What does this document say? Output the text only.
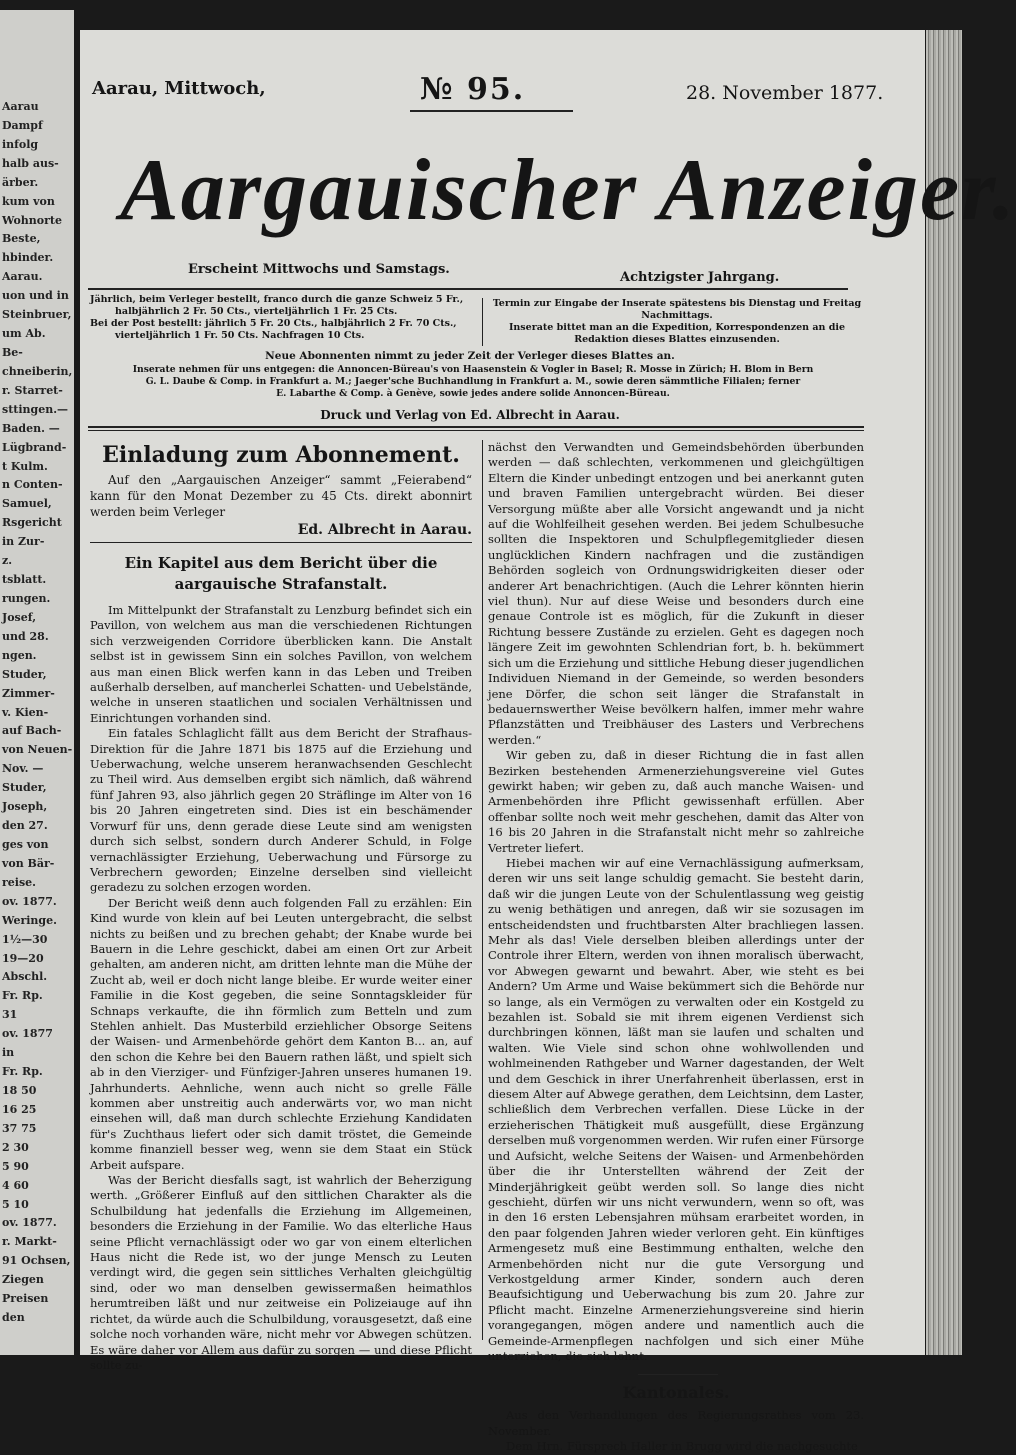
Aarau
Dampf
infolg
halb aus-
ärber.
kum von
Wohnorte
Beste,
hbinder.
Aarau.
uon und in
Steinbruer,
um Ab.
Be-
chneiberin,
r. Starret-
sttingen.—
Baden. —
Lügbrand-
t Kulm.
n Conten-
Samuel,
Rsgericht
in Zur-
z.
tsblatt.
rungen.
Josef,
und 28.
ngen.
Studer,
Zimmer-
v. Kien-
auf Bach-
von Neuen-
Nov. —
Studer,
Joseph,
den 27.
ges von
von Bär-
reise.
ov. 1877.
Weringe.
1½—30
19—20
Abschl.
Fr. Rp.
31
ov. 1877
in
Fr. Rp.
18 50
16 25
37 75
2 30
5 90
4 60
5 10
ov. 1877.
r. Markt-
91 Ochsen,
Ziegen
Preisen
den
Aarau, Mittwoch,	№ 95.	28. November 1877.
Aargauischer Anzeiger.
Erscheint Mittwochs und Samstags.
Achtzigster Jahrgang.
Jährlich, beim Verleger bestellt, franco durch die ganze Schweiz 5 Fr.,
halbjährlich 2 Fr. 50 Cts., vierteljährlich 1 Fr. 25 Cts.
Bei der Post bestellt: jährlich 5 Fr. 20 Cts., halbjährlich 2 Fr. 70 Cts.,
vierteljährlich 1 Fr. 50 Cts. Nachfragen 10 Cts.
Termin zur Eingabe der Inserate spätestens bis Dienstag und Freitag
Nachmittags.
Inserate bittet man an die Expedition, Korrespondenzen an die
Redaktion dieses Blattes einzusenden.
Neue Abonnenten nimmt zu jeder Zeit der Verleger dieses Blattes an.
Inserate nehmen für uns entgegen: die Annoncen-Büreau's von Haasenstein & Vogler in Basel; R. Mosse in Zürich; H. Blom in Bern
G. L. Daube & Comp. in Frankfurt a. M.; Jaeger'sche Buchhandlung in Frankfurt a. M., sowie deren sämmtliche Filialen; ferner
E. Labarthe & Comp. à Genève, sowie jedes andere solide Annoncen-Büreau.
Druck und Verlag von Ed. Albrecht in Aarau.
Einladung zum Abonnement.

Auf den „Aargauischen Anzeiger“ sammt „Feierabend“ kann für den Monat Dezember zu 45 Cts. direkt abonnirt werden beim Verleger

Ed. Albrecht in Aarau.
Ein Kapitel aus dem Bericht über die aargauische Strafanstalt.

Im Mittelpunkt der Strafanstalt zu Lenzburg befindet sich ein Pavillon, von welchem aus man die verschiedenen Richtungen sich verzweigenden Corridore überblicken kann. Die Anstalt selbst ist in gewissem Sinn ein solches Pavillon, von welchem aus man einen Blick werfen kann in das Leben und Treiben außerhalb derselben, auf mancherlei Schatten- und Uebelstände, welche in unseren staatlichen und socialen Verhältnissen und Einrichtungen vorhanden sind.

Ein fatales Schlaglicht fällt aus dem Bericht der Strafhaus-Direktion für die Jahre 1871 bis 1875 auf die Erziehung und Ueberwachung, welche unserem heranwachsenden Geschlecht zu Theil wird. Aus demselben ergibt sich nämlich, daß während fünf Jahren 93, also jährlich gegen 20 Sträflinge im Alter von 16 bis 20 Jahren eingetreten sind. Dies ist ein beschämender Vorwurf für uns, denn gerade diese Leute sind am wenigsten durch sich selbst, sondern durch Anderer Schuld, in Folge vernachlässigter Erziehung, Ueberwachung und Fürsorge zu Verbrechern geworden; Einzelne derselben sind vielleicht geradezu zu solchen erzogen worden.

Der Bericht weiß denn auch folgenden Fall zu erzählen: Ein Kind wurde von klein auf bei Leuten untergebracht, die selbst nichts zu beißen und zu brechen gehabt; der Knabe wurde bei Bauern in die Lehre geschickt, dabei am einen Ort zur Arbeit gehalten, am anderen nicht, am dritten lehnte man die Mühe der Zucht ab, weil er doch nicht lange bleibe. Er wurde weiter einer Familie in die Kost gegeben, die seine Sonntagskleider für Schnaps verkaufte, die ihn förmlich zum Betteln und zum Stehlen anhielt. Das Musterbild erziehlicher Obsorge Seitens der Waisen- und Armenbehörde gehört dem Kanton B... an, auf den schon die Kehre bei den Bauern rathen läßt, und spielt sich ab in den Vierziger- und Fünfziger-Jahren unseres humanen 19. Jahrhunderts. Aehnliche, wenn auch nicht so grelle Fälle kommen aber unstreitig auch anderwärts vor, wo man nicht einsehen will, daß man durch schlechte Erziehung Kandidaten für's Zuchthaus liefert oder sich damit tröstet, die Gemeinde komme finanziell besser weg, wenn sie dem Staat ein Stück Arbeit aufspare.

Was der Bericht diesfalls sagt, ist wahrlich der Beherzigung werth. „Größerer Einfluß auf den sittlichen Charakter als die Schulbildung hat jedenfalls die Erziehung im Allgemeinen, besonders die Erziehung in der Familie. Wo das elterliche Haus seine Pflicht vernachlässigt oder wo gar von einem elterlichen Haus nicht die Rede ist, wo der junge Mensch zu Leuten verdingt wird, die gegen sein sittliches Verhalten gleichgültig sind, oder wo man denselben gewissermaßen heimathlos herumtreiben läßt und nur zeitweise ein Polizeiauge auf ihn richtet, da würde auch die Schulbildung, vorausgesetzt, daß eine solche noch vorhanden wäre, nicht mehr vor Abwegen schützen. Es wäre daher vor Allem aus dafür zu sorgen — und diese Pflicht sollte zu-

nächst den Verwandten und Gemeindsbehörden überbunden werden — daß schlechten, verkommenen und gleichgültigen Eltern die Kinder unbedingt entzogen und bei anerkannt guten und braven Familien untergebracht würden. Bei dieser Versorgung müßte aber alle Vorsicht angewandt und ja nicht auf die Wohlfeilheit gesehen werden. Bei jedem Schulbesuche sollten die Inspektoren und Schulpflegemitglieder diesen unglücklichen Kindern nachfragen und die zuständigen Behörden sogleich von Ordnungswidrigkeiten dieser oder anderer Art benachrichtigen. (Auch die Lehrer könnten hierin viel thun). Nur auf diese Weise und besonders durch eine genaue Controle ist es möglich, für die Zukunft in dieser Richtung bessere Zustände zu erzielen. Geht es dagegen noch längere Zeit im gewohnten Schlendrian fort, b. h. bekümmert sich um die Erziehung und sittliche Hebung dieser jugendlichen Individuen Niemand in der Gemeinde, so werden besonders jene Dörfer, die schon seit länger die Strafanstalt in bedauernswerther Weise bevölkern halfen, immer mehr wahre Pflanzstätten und Treibhäuser des Lasters und Verbrechens werden.“

Wir geben zu, daß in dieser Richtung die in fast allen Bezirken bestehenden Armenerziehungsvereine viel Gutes gewirkt haben; wir geben zu, daß auch manche Waisen- und Armenbehörden ihre Pflicht gewissenhaft erfüllen. Aber offenbar sollte noch weit mehr geschehen, damit das Alter von 16 bis 20 Jahren in die Strafanstalt nicht mehr so zahlreiche Vertreter liefert.

Hiebei machen wir auf eine Vernachlässigung aufmerksam, deren wir uns seit lange schuldig gemacht. Sie besteht darin, daß wir die jungen Leute von der Schulentlassung weg geistig zu wenig bethätigen und anregen, daß wir sie sozusagen im entscheidendsten und fruchtbarsten Alter brachliegen lassen. Mehr als das! Viele derselben bleiben allerdings unter der Controle ihrer Eltern, werden von ihnen moralisch überwacht, vor Abwegen gewarnt und bewahrt. Aber, wie steht es bei Andern? Um Arme und Waise bekümmert sich die Behörde nur so lange, als ein Vermögen zu verwalten oder ein Kostgeld zu bezahlen ist. Sobald sie mit ihrem eigenen Verdienst sich durchbringen können, läßt man sie laufen und schalten und walten. Wie Viele sind schon ohne wohlwollenden und wohlmeinenden Rathgeber und Warner dagestanden, der Welt und dem Geschick in ihrer Unerfahrenheit überlassen, erst in diesem Alter auf Abwege gerathen, dem Leichtsinn, dem Laster, schließlich dem Verbrechen verfallen. Diese Lücke in der erzieherischen Thätigkeit muß ausgefüllt, diese Ergänzung derselben muß vorgenommen werden. Wir rufen einer Fürsorge und Aufsicht, welche Seitens der Waisen- und Armenbehörden über die ihr Unterstellten während der Zeit der Minderjährigkeit geübt werden soll. So lange dies nicht geschieht, dürfen wir uns nicht verwundern, wenn so oft, was in den 16 ersten Lebensjahren mühsam erarbeitet worden, in den paar folgenden Jahren wieder verloren geht. Ein künftiges Armengesetz muß eine Bestimmung enthalten, welche den Armenbehörden nicht nur die gute Versorgung und Verkostgeldung armer Kinder, sondern auch deren Beaufsichtigung und Ueberwachung bis zum 20. Jahre zur Pflicht macht. Einzelne Armenerziehungsvereine sind hierin vorangegangen, mögen andere und namentlich auch die Gemeinde-Armenpflegen nachfolgen und sich einer Mühe unterziehen, die sich lohnt.

Kantonales.

Aus den Verhandlungen des Regierungsrathes vom 23. November.

Dem Hrn. Fürsprech Haller in Brugg wird die nachgesuchte
